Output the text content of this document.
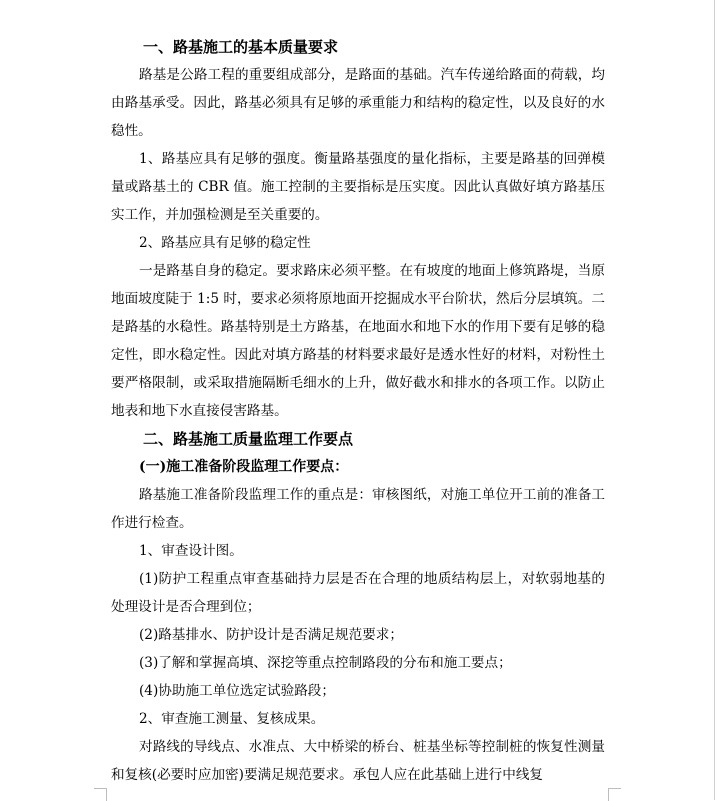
一、路基施工的基本质量要求

路基是公路工程的重要组成部分，是路面的基础。汽车传递给路面的荷载，均由路基承受。因此，路基必须具有足够的承重能力和结构的稳定性，以及良好的水稳性。

1、路基应具有足够的强度。衡量路基强度的量化指标，主要是路基的回弹模量或路基土的 CBR 值。施工控制的主要指标是压实度。因此认真做好填方路基压实工作，并加强检测是至关重要的。

2、路基应具有足够的稳定性

一是路基自身的稳定。要求路床必须平整。在有坡度的地面上修筑路堤，当原地面坡度陡于 1:5 时，要求必须将原地面开挖掘成水平台阶状，然后分层填筑。二是路基的水稳性。路基特别是土方路基，在地面水和地下水的作用下要有足够的稳定性，即水稳定性。因此对填方路基的材料要求最好是透水性好的材料，对粉性土要严格限制，或采取措施隔断毛细水的上升，做好截水和排水的各项工作。以防止地表和地下水直接侵害路基。

二、路基施工质量监理工作要点

(一)施工准备阶段监理工作要点：

路基施工准备阶段监理工作的重点是：审核图纸，对施工单位开工前的准备工作进行检查。

1、审查设计图。

(1)防护工程重点审查基础持力层是否在合理的地质结构层上，对软弱地基的处理设计是否合理到位；

(2)路基排水、防护设计是否满足规范要求；

(3)了解和掌握高填、深挖等重点控制路段的分布和施工要点；

(4)协助施工单位选定试验路段；

2、审查施工测量、复核成果。

对路线的导线点、水准点、大中桥梁的桥台、桩基坐标等控制桩的恢复性测量和复核(必要时应加密)要满足规范要求。承包人应在此基础上进行中线复
